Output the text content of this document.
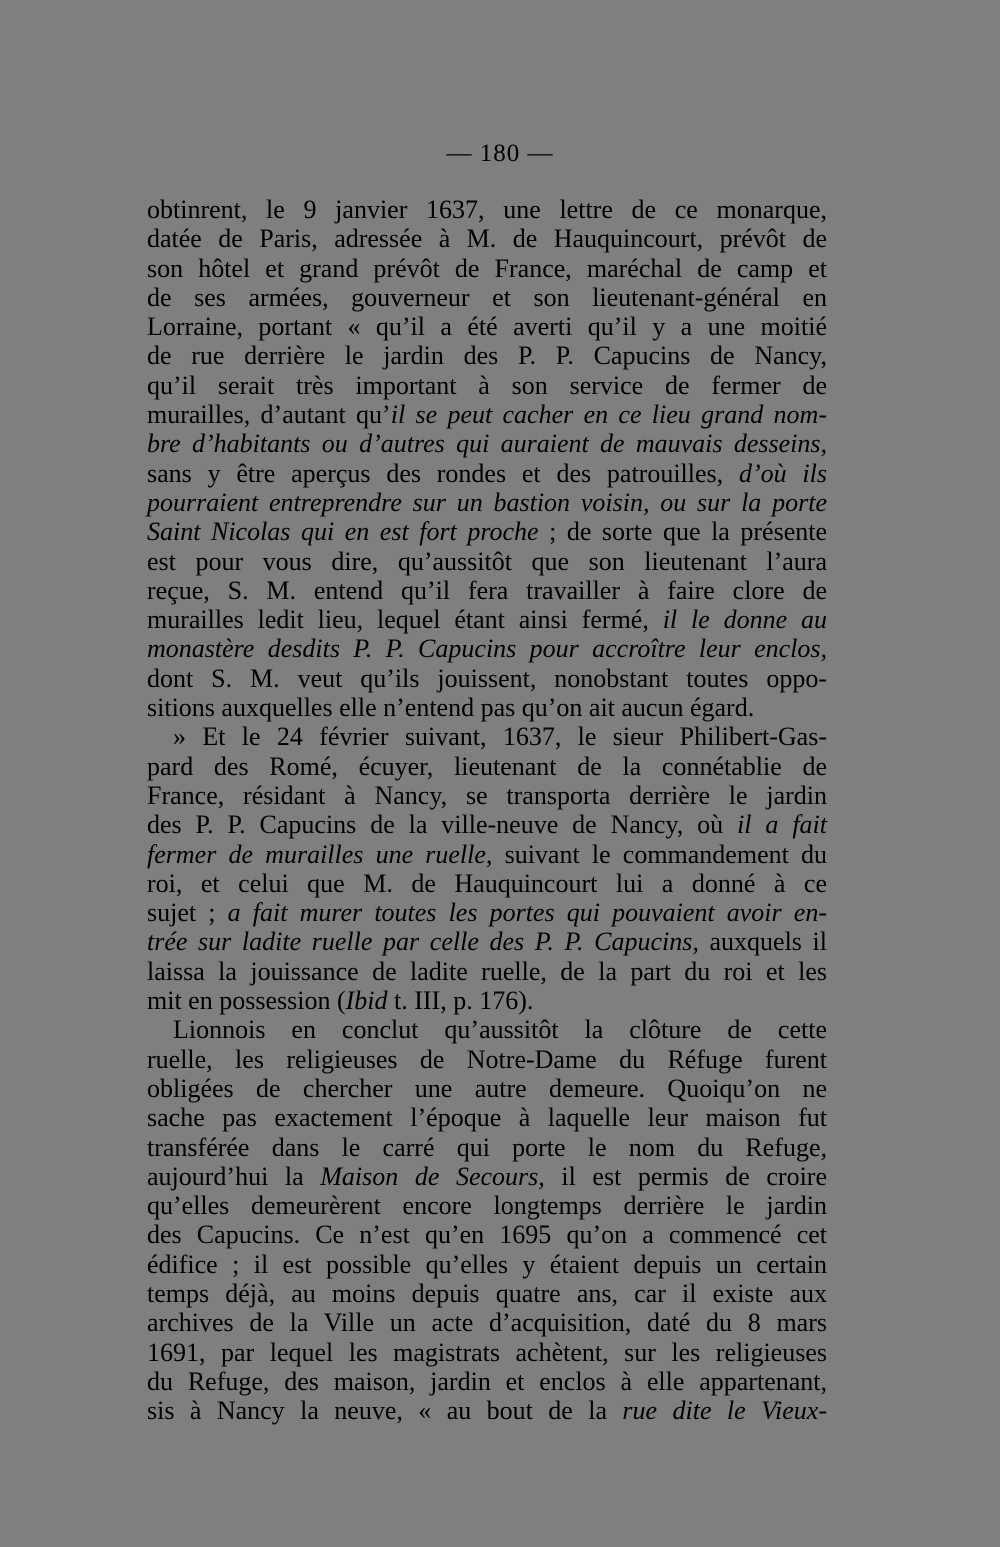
— 180 —
obtinrent, le 9 janvier 1637, une lettre de ce monarque,
datée de Paris, adressée à M. de Hauquincourt, prévôt de
son hôtel et grand prévôt de France, maréchal de camp et
de ses armées, gouverneur et son lieutenant-général en
Lorraine, portant « qu’il a été averti qu’il y a une moitié
de rue derrière le jardin des P. P. Capucins de Nancy,
qu’il serait très important à son service de fermer de
murailles, d’autant qu’il se peut cacher en ce lieu grand nom-
bre d’habitants ou d’autres qui auraient de mauvais desseins,
sans y être aperçus des rondes et des patrouilles, d’où ils
pourraient entreprendre sur un bastion voisin, ou sur la porte
Saint Nicolas qui en est fort proche ; de sorte que la présente
est pour vous dire, qu’aussitôt que son lieutenant l’aura
reçue, S. M. entend qu’il fera travailler à faire clore de
murailles ledit lieu, lequel étant ainsi fermé, il le donne au
monastère desdits P. P. Capucins pour accroître leur enclos,
dont S. M. veut qu’ils jouissent, nonobstant toutes oppo-
sitions auxquelles elle n’entend pas qu’on ait aucun égard.
» Et le 24 février suivant, 1637, le sieur Philibert-Gas-
pard des Romé, écuyer, lieutenant de la connétablie de
France, résidant à Nancy, se transporta derrière le jardin
des P. P. Capucins de la ville-neuve de Nancy, où il a fait
fermer de murailles une ruelle, suivant le commandement du
roi, et celui que M. de Hauquincourt lui a donné à ce
sujet ; a fait murer toutes les portes qui pouvaient avoir en-
trée sur ladite ruelle par celle des P. P. Capucins, auxquels il
laissa la jouissance de ladite ruelle, de la part du roi et les
mit en possession (Ibid t. III, p. 176).
Lionnois en conclut qu’aussitôt la clôture de cette
ruelle, les religieuses de Notre-Dame du Réfuge furent
obligées de chercher une autre demeure. Quoiqu’on ne
sache pas exactement l’époque à laquelle leur maison fut
transférée dans le carré qui porte le nom du Refuge,
aujourd’hui la Maison de Secours, il est permis de croire
qu’elles demeurèrent encore longtemps derrière le jardin
des Capucins. Ce n’est qu’en 1695 qu’on a commencé cet
édifice ; il est possible qu’elles y étaient depuis un certain
temps déjà, au moins depuis quatre ans, car il existe aux
archives de la Ville un acte d’acquisition, daté du 8 mars
1691, par lequel les magistrats achètent, sur les religieuses
du Refuge, des maison, jardin et enclos à elle appartenant,
sis à Nancy la neuve, « au bout de la rue dite le Vieux-
